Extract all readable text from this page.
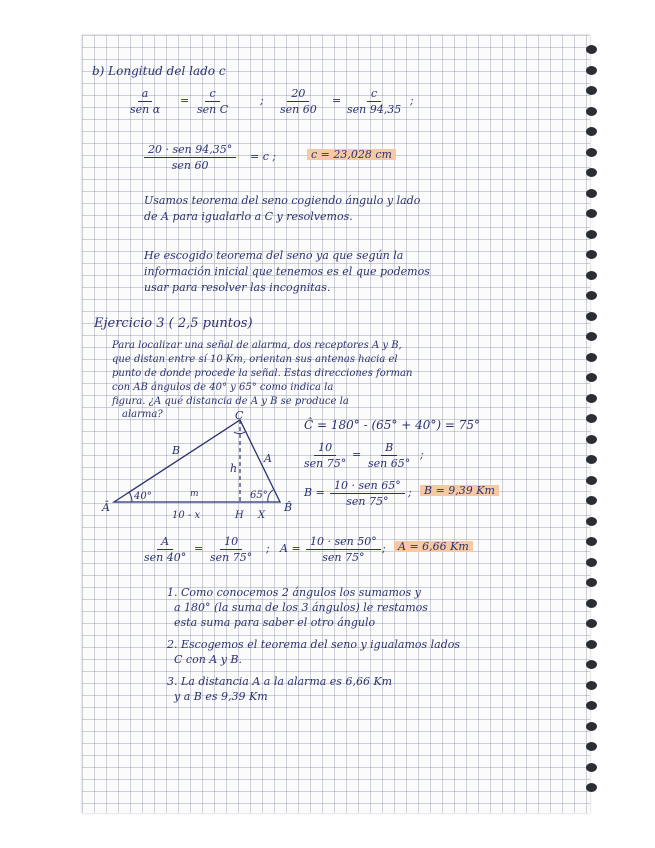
b) Longitud del lado c
a
sen α
=
c
sen C
;
20
sen 60
=
c
sen 94,35
;
20 · sen 94,35°
sen 60
= c ;	c = 23,028 cm
Usamos teorema del seno cogiendo ángulo y lado
de A para igualarlo a C y resolvemos.
He escogido teorema del seno ya que según la
información inicial que tenemos es el que podemos
usar para resolver las incognitas.
Ejercicio 3 ( 2,5 puntos)
Para localizar una señal de alarma, dos receptores A y B,
que distan entre sí 10 Km, orientan sus antenas hacia el
punto de donde procede la señal. Estas direcciones forman
con AB ángulos de 40° y 65° como indica la
figura. ¿A qué distancia de A y B se produce la
alarma?	C
Â	B̂
B
A
h
40°	65°
m
H
10 - x	X
Ĉ = 180° - (65° + 40°) = 75°
10
sen 75°
=
B
sen 65°
;
B =
10 · sen 65°
sen 75°
;	B = 9,39 Km
A
sen 40°
=
10
sen 75°
; A =
10 · sen 50°
sen 75°
;	A = 6,66 Km
1. Como conocemos 2 ángulos los sumamos y
a 180° (la suma de los 3 ángulos) le restamos
esta suma para saber el otro ángulo
2. Escogemos el teorema del seno y igualamos lados
C con A y B.
3. La distancia A a la alarma es 6,66 Km
y a B es 9,39 Km
